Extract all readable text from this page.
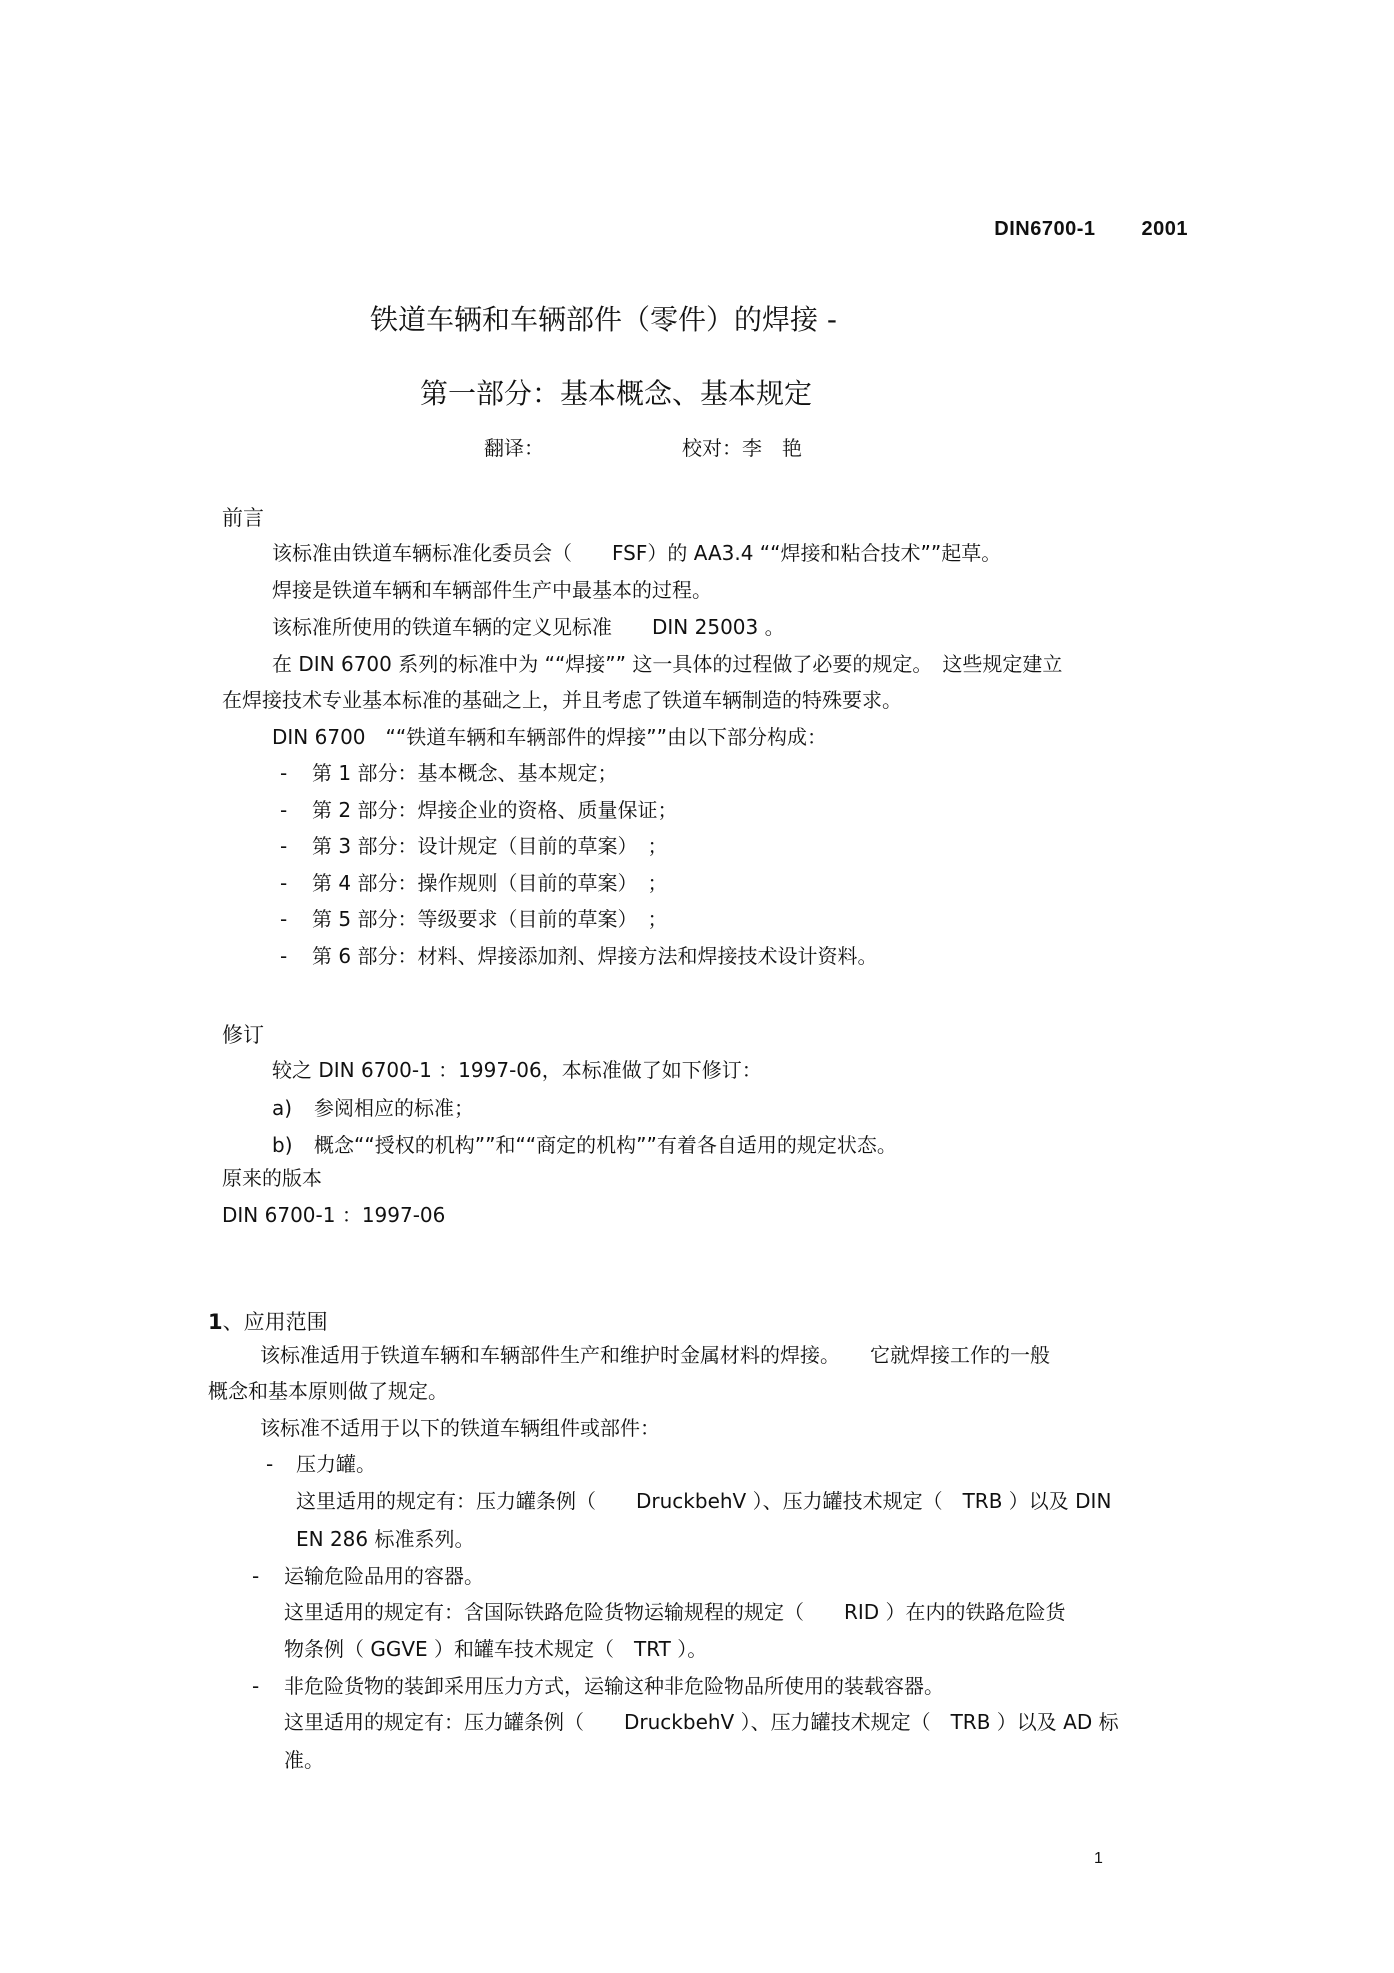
DIN6700-1 2001
铁道车辆和车辆部件（零件）的焊接 -
第一部分：基本概念、基本规定
翻译：	校对：李　艳
前言
该标准由铁道车辆标准化委员会（　　FSF）的 AA3.4 ““焊接和粘合技术””起草。
焊接是铁道车辆和车辆部件生产中最基本的过程。
该标准所使用的铁道车辆的定义见标准　　DIN 25003 。
在 DIN 6700 系列的标准中为 ““焊接”” 这一具体的过程做了必要的规定。　这些规定建立
在焊接技术专业基本标准的基础之上，并且考虑了铁道车辆制造的特殊要求。
DIN 6700　““铁道车辆和车辆部件的焊接””由以下部分构成：
- 第 1 部分：基本概念、基本规定；
- 第 2 部分：焊接企业的资格、质量保证；
- 第 3 部分：设计规定（目前的草案）　；
- 第 4 部分：操作规则（目前的草案）　；
- 第 5 部分：等级要求（目前的草案）　；
- 第 6 部分：材料、焊接添加剂、焊接方法和焊接技术设计资料。
修订
较之 DIN 6700-1 ：1997-06，本标准做了如下修订：
a) 参阅相应的标准；
b) 概念““授权的机构””和““商定的机构””有着各自适用的规定状态。
原来的版本
DIN 6700-1 ：1997-06
1、应用范围
该标准适用于铁道车辆和车辆部件生产和维护时金属材料的焊接。　　它就焊接工作的一般
概念和基本原则做了规定。
该标准不适用于以下的铁道车辆组件或部件：
- 压力罐。
这里适用的规定有：压力罐条例（　　DruckbehV ）、压力罐技术规定（　TRB ）以及 DIN
EN 286 标准系列。
- 运输危险品用的容器。
这里适用的规定有：含国际铁路危险货物运输规程的规定（　　RID ）在内的铁路危险货
物条例（ GGVE ）和罐车技术规定（　TRT ）。
- 非危险货物的装卸采用压力方式，运输这种非危险物品所使用的装载容器。
这里适用的规定有：压力罐条例（　　DruckbehV ）、压力罐技术规定（　TRB ）以及 AD 标
准。
1
